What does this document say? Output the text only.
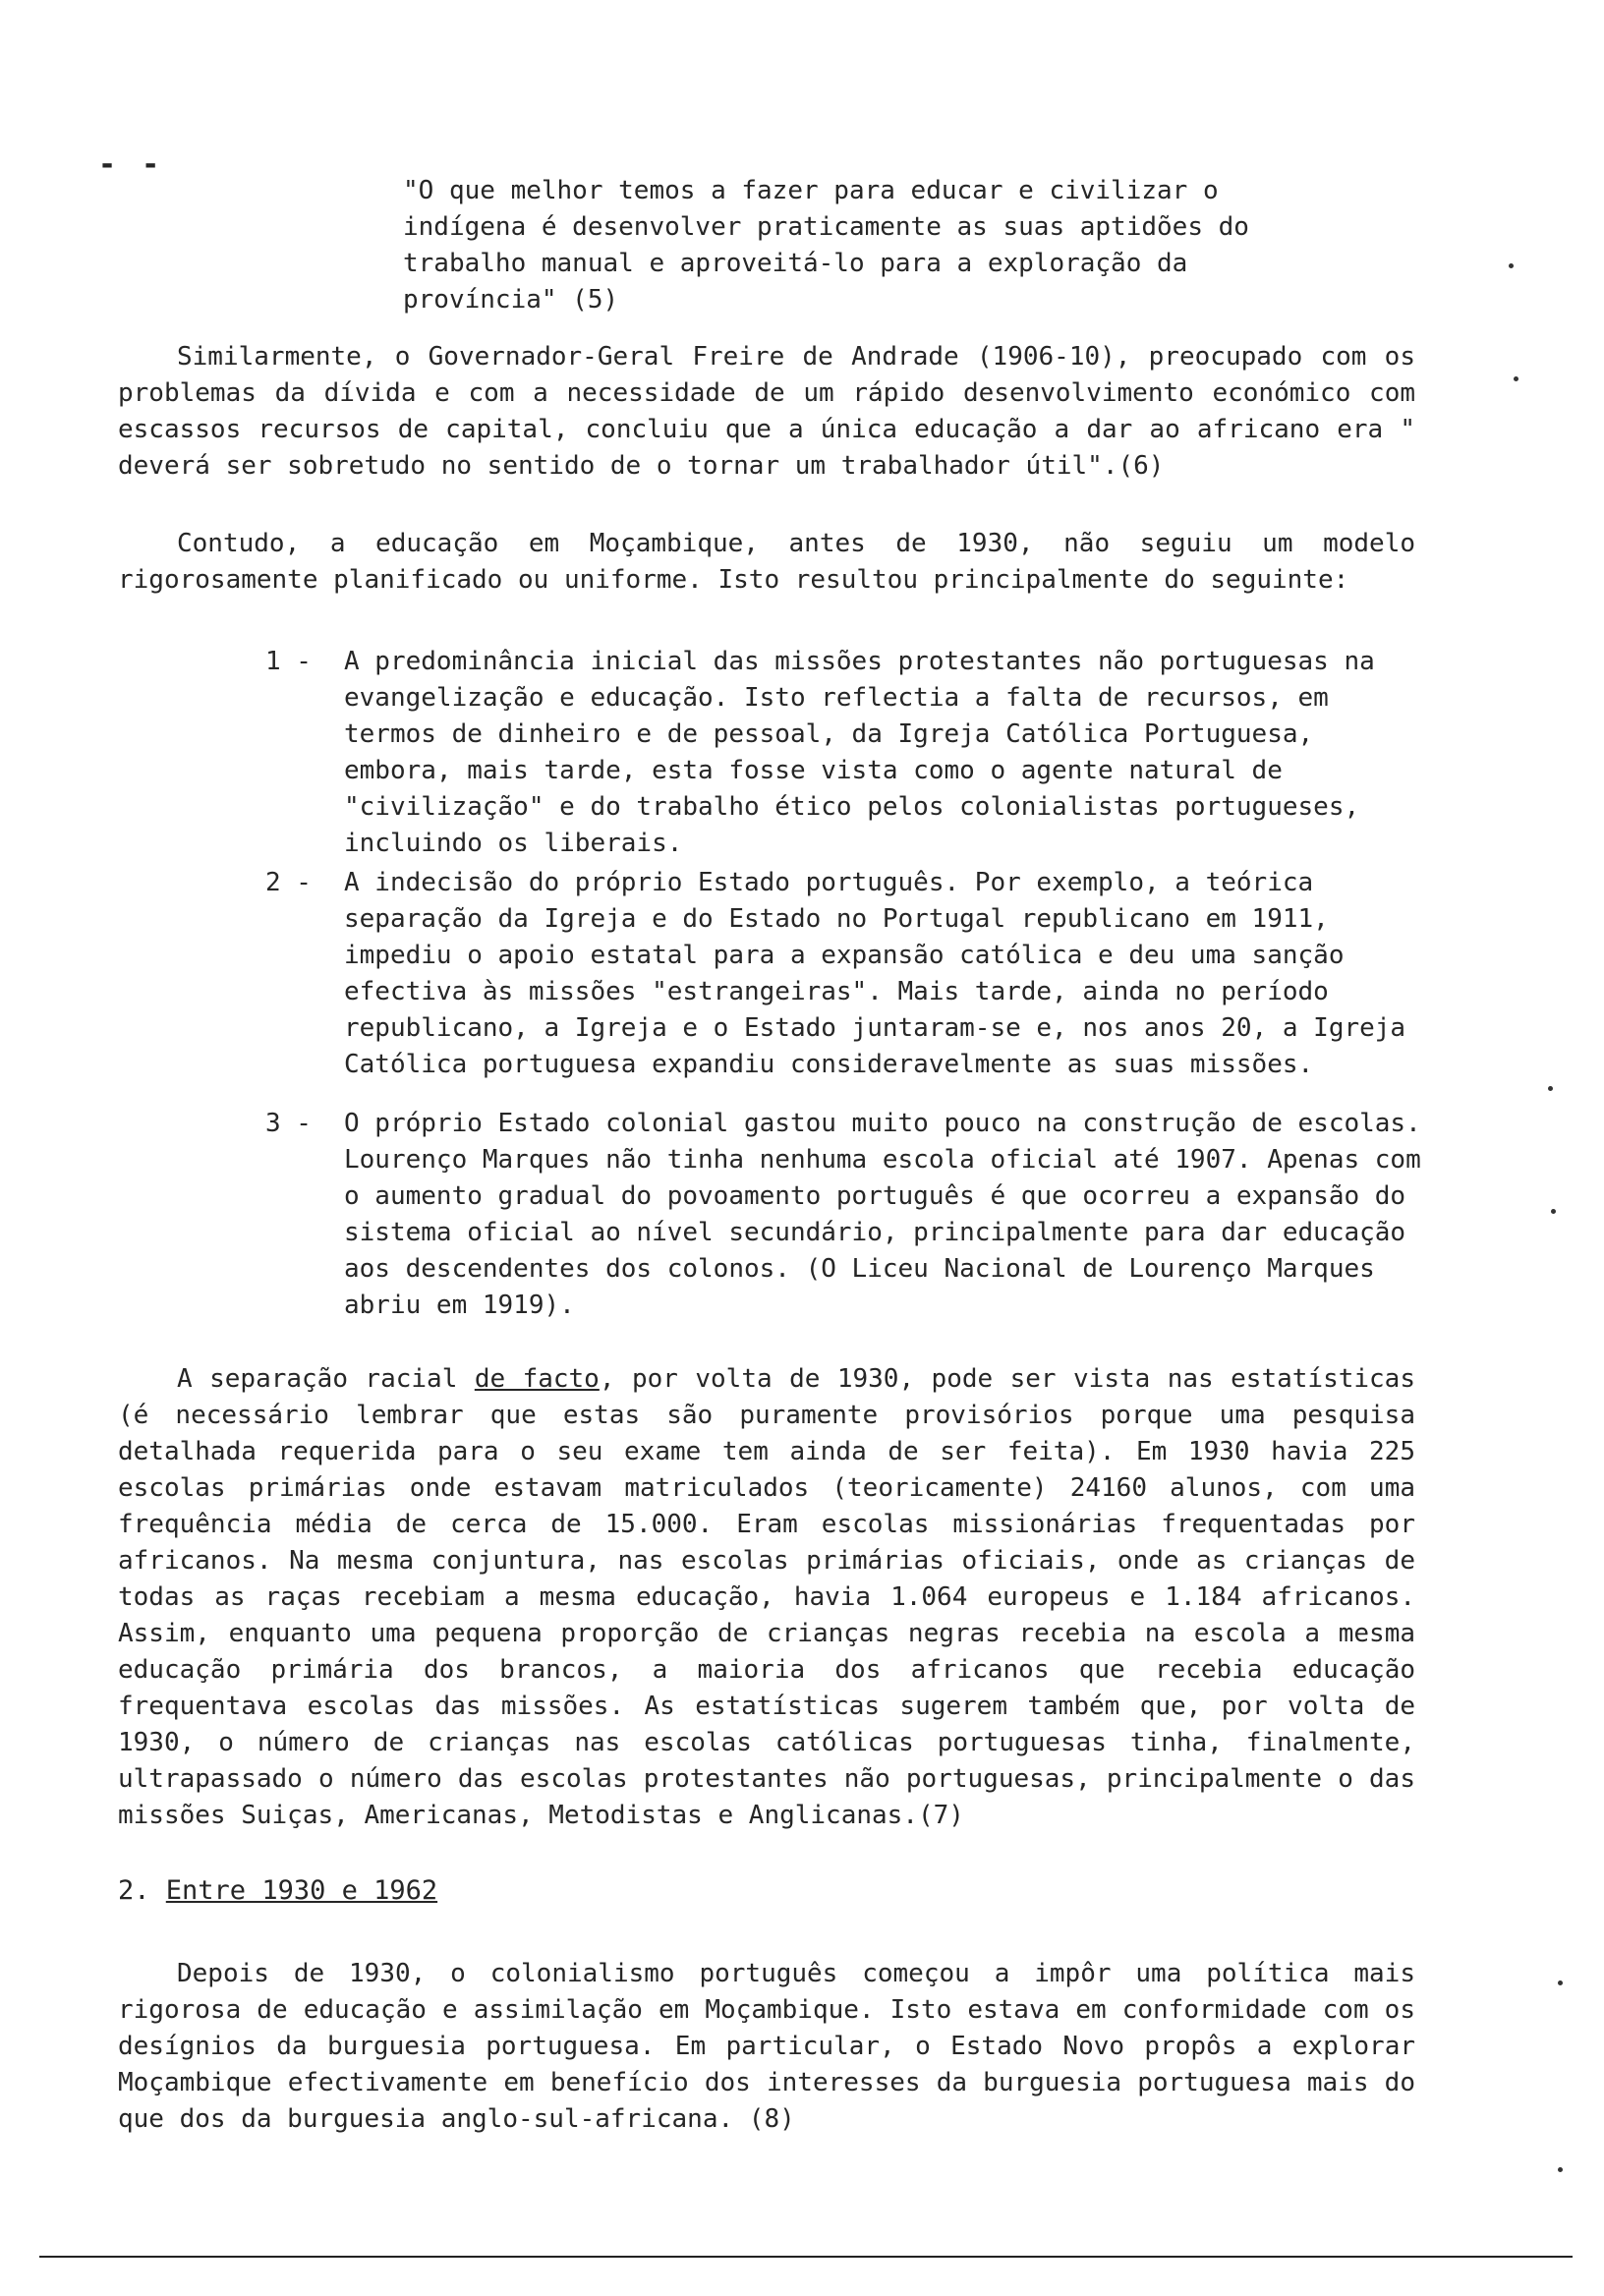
- -
"O que melhor temos a fazer para educar e civilizar o indígena é desenvolver praticamente as suas aptidões do trabalho manual e aproveitá-lo para a exploração da província" (5)
Similarmente, o Governador-Geral Freire de Andrade (1906-10), preocupado com os problemas da dívida e com a necessidade de um rápido desenvolvimento económico com escassos recursos de capital, concluiu que a única educação a dar ao africano era " deverá ser sobretudo no sentido de o tornar um trabalhador útil".(6)
Contudo, a educação em Moçambique, antes de 1930, não seguiu um modelo rigorosamente planificado ou uniforme. Isto resultou principalmente do seguinte:
1 -	A predominância inicial das missões protestantes não portuguesas na evangelização e educação. Isto reflectia a falta de recursos, em termos de dinheiro e de pessoal, da Igreja Católica Portuguesa, embora, mais tarde, esta fosse vista como o agente natural de "civilização" e do trabalho ético pelos colonialistas portugueses, incluindo os liberais.
2 -	A indecisão do próprio Estado português. Por exemplo, a teórica separação da Igreja e do Estado no Portugal republicano em 1911, impediu o apoio estatal para a expansão católica e deu uma sanção efectiva às missões "estrangeiras". Mais tarde, ainda no período republicano, a Igreja e o Estado juntaram-se e, nos anos 20, a Igreja Católica portuguesa expandiu consideravelmente as suas missões.
3 -	O próprio Estado colonial gastou muito pouco na construção de escolas. Lourenço Marques não tinha nenhuma escola oficial até 1907. Apenas com o aumento gradual do povoamento português é que ocorreu a expansão do sistema oficial ao nível secundário, principalmente para dar educação aos descendentes dos colonos. (O Liceu Nacional de Lourenço Marques abriu em 1919).
A separação racial de facto, por volta de 1930, pode ser vista nas estatísticas (é necessário lembrar que estas são puramente provisórios porque uma pesquisa detalhada requerida para o seu exame tem ainda de ser feita). Em 1930 havia 225 escolas primárias onde estavam matriculados (teoricamente) 24160 alunos, com uma frequência média de cerca de 15.000. Eram escolas missionárias frequentadas por africanos. Na mesma conjuntura, nas escolas primárias oficiais, onde as crianças de todas as raças recebiam a mesma educação, havia 1.064 europeus e 1.184 africanos. Assim, enquanto uma pequena proporção de crianças negras recebia na escola a mesma educação primária dos brancos, a maioria dos africanos que recebia educação frequentava escolas das missões. As estatísticas sugerem também que, por volta de 1930, o número de crianças nas escolas católicas portuguesas tinha, finalmente, ultrapassado o número das escolas protestantes não portuguesas, principalmente o das missões Suiças, Americanas, Metodistas e Anglicanas.(7)
2. Entre 1930 e 1962
Depois de 1930, o colonialismo português começou a impôr uma política mais rigorosa de educação e assimilação em Moçambique. Isto estava em conformidade com os desígnios da burguesia portuguesa. Em particular, o Estado Novo propôs a explorar Moçambique efectivamente em benefício dos interesses da burguesia portuguesa mais do que dos da burguesia anglo-sul-africana. (8)
